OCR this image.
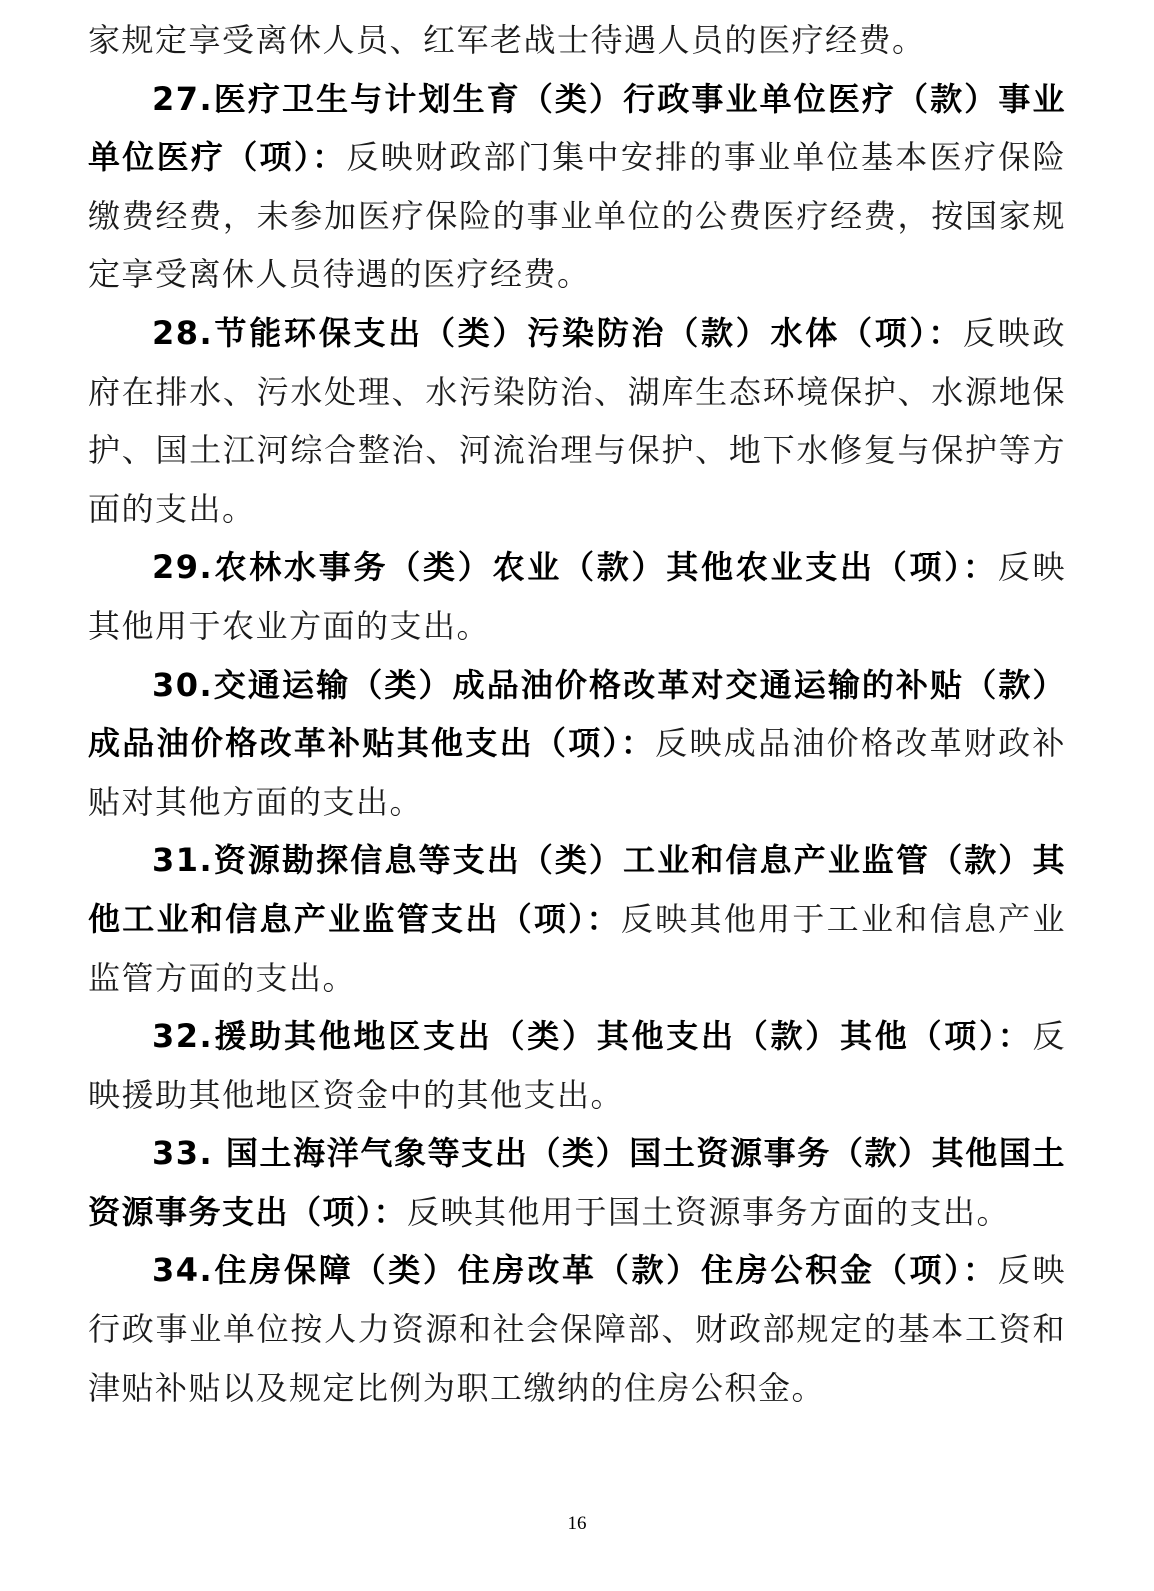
家规定享受离休人员、红军老战士待遇人员的医疗经费。

27.医疗卫生与计划生育（类）行政事业单位医疗（款）事业单位医疗（项）：反映财政部门集中安排的事业单位基本医疗保险缴费经费，未参加医疗保险的事业单位的公费医疗经费，按国家规定享受离休人员待遇的医疗经费。

28.节能环保支出（类）污染防治（款）水体（项）：反映政府在排水、污水处理、水污染防治、湖库生态环境保护、水源地保护、国土江河综合整治、河流治理与保护、地下水修复与保护等方面的支出。

29.农林水事务（类）农业（款）其他农业支出（项）：反映其他用于农业方面的支出。

30.交通运输（类）成品油价格改革对交通运输的补贴（款）成品油价格改革补贴其他支出（项）：反映成品油价格改革财政补贴对其他方面的支出。

31.资源勘探信息等支出（类）工业和信息产业监管（款）其他工业和信息产业监管支出（项）：反映其他用于工业和信息产业监管方面的支出。

32.援助其他地区支出（类）其他支出（款）其他（项）：反映援助其他地区资金中的其他支出。

33. 国土海洋气象等支出（类）国土资源事务（款）其他国土资源事务支出（项）：反映其他用于国土资源事务方面的支出。

34.住房保障（类）住房改革（款）住房公积金（项）：反映行政事业单位按人力资源和社会保障部、财政部规定的基本工资和津贴补贴以及规定比例为职工缴纳的住房公积金。

16
